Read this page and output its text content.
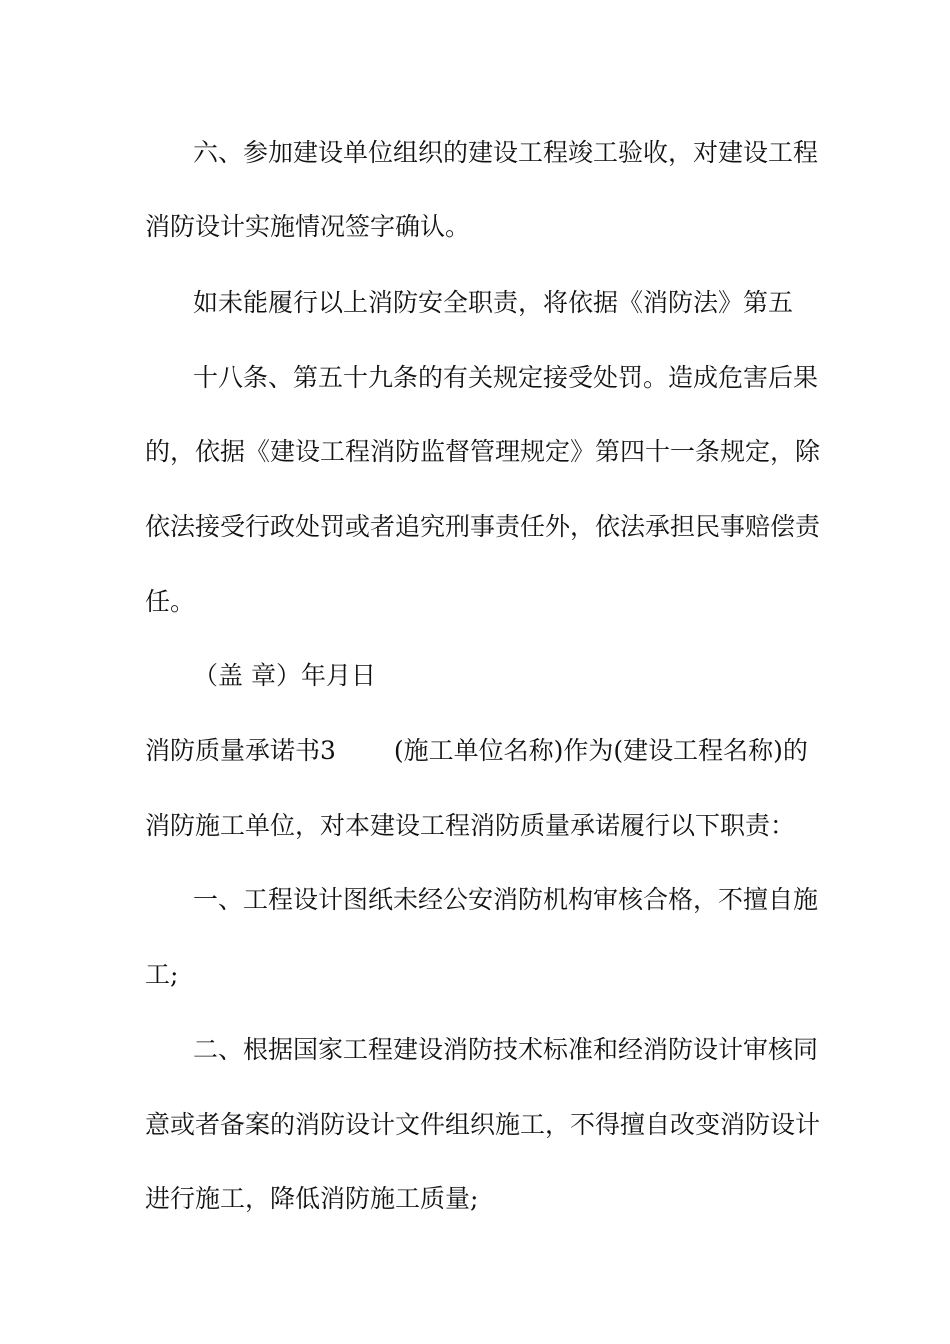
六、参加建设单位组织的建设工程竣工验收，对建设工程
消防设计实施情况签字确认。
如未能履行以上消防安全职责，将依据《消防法》第五
十八条、第五十九条的有关规定接受处罚。造成危害后果
的，依据《建设工程消防监督管理规定》第四十一条规定，除
依法接受行政处罚或者追究刑事责任外，依法承担民事赔偿责
任。
（盖 章）年月日
消防质量承诺书3 (施工单位名称)作为(建设工程名称)的
消防施工单位，对本建设工程消防质量承诺履行以下职责：
一、工程设计图纸未经公安消防机构审核合格，不擅自施
工;
二、根据国家工程建设消防技术标准和经消防设计审核同
意或者备案的消防设计文件组织施工，不得擅自改变消防设计
进行施工，降低消防施工质量;
